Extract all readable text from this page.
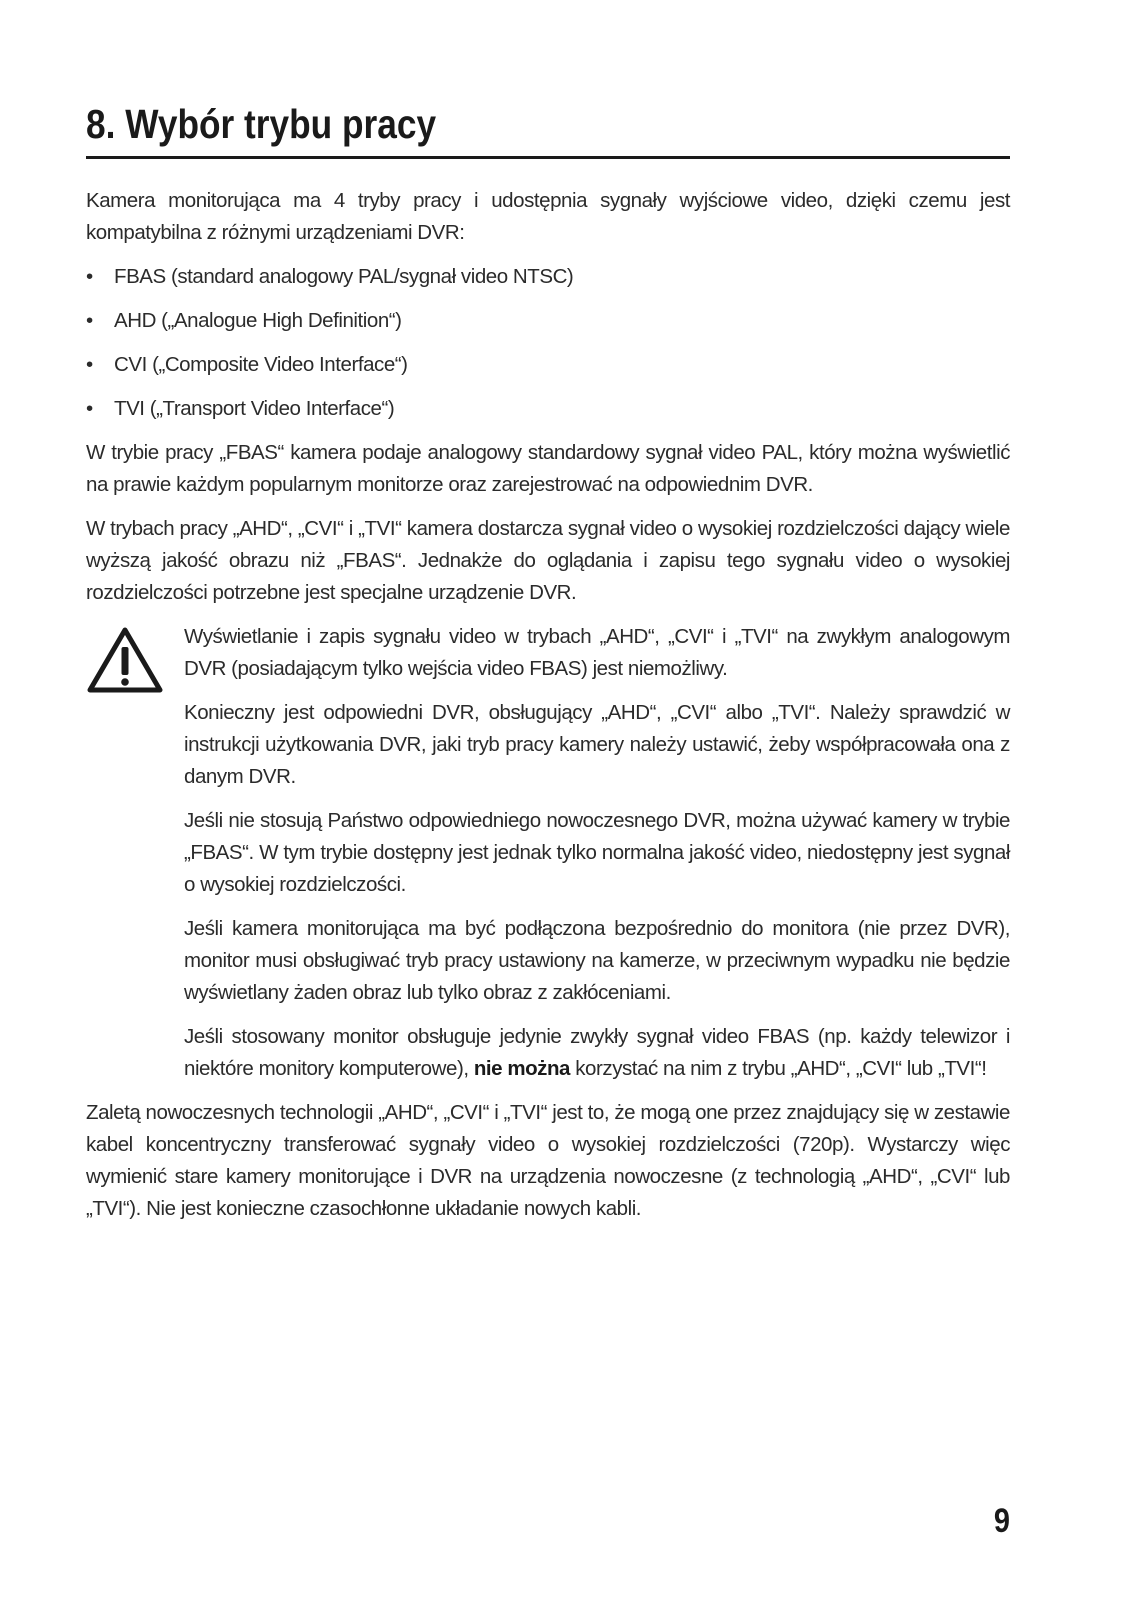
8. Wybór trybu pracy

Kamera monitorująca ma 4 tryby pracy i udostępnia sygnały wyjściowe video, dzięki czemu jest kompatybilna z różnymi urządzeniami DVR:

• FBAS (standard analogowy PAL/sygnał video NTSC)
• AHD („Analogue High Definition“)
• CVI („Composite Video Interface“)
• TVI („Transport Video Interface“)

W trybie pracy „FBAS“ kamera podaje analogowy standardowy sygnał video PAL, który można wyświetlić na prawie każdym popularnym monitorze oraz zarejestrować na odpowiednim DVR.

W trybach pracy „AHD“, „CVI“ i „TVI“ kamera dostarcza sygnał video o wysokiej rozdzielczości dający wiele wyższą jakość obrazu niż „FBAS“. Jednakże do oglądania i zapisu tego sygnału video o wysokiej rozdzielczości potrzebne jest specjalne urządzenie DVR.

Wyświetlanie i zapis sygnału video w trybach „AHD“, „CVI“ i „TVI“ na zwykłym analogowym DVR (posiadającym tylko wejścia video FBAS) jest niemożliwy.

Konieczny jest odpowiedni DVR, obsługujący „AHD“, „CVI“ albo „TVI“. Należy sprawdzić w instrukcji użytkowania DVR, jaki tryb pracy kamery należy ustawić, żeby współpracowała ona z danym DVR.

Jeśli nie stosują Państwo odpowiedniego nowoczesnego DVR, można używać kamery w trybie „FBAS“. W tym trybie dostępny jest jednak tylko normalna jakość video, niedostępny jest sygnał o wysokiej rozdzielczości.

Jeśli kamera monitorująca ma być podłączona bezpośrednio do monitora (nie przez DVR), monitor musi obsługiwać tryb pracy ustawiony na kamerze, w przeciwnym wypadku nie będzie wyświetlany żaden obraz lub tylko obraz z zakłóceniami.

Jeśli stosowany monitor obsługuje jedynie zwykły sygnał video FBAS (np. każdy telewizor i niektóre monitory komputerowe), nie można korzystać na nim z trybu „AHD“, „CVI“ lub „TVI“!

Zaletą nowoczesnych technologii „AHD“, „CVI“ i „TVI“ jest to, że mogą one przez znajdujący się w zestawie kabel koncentryczny transferować sygnały video o wysokiej rozdzielczości (720p). Wystarczy więc wymienić stare kamery monitorujące i DVR na urządzenia nowoczesne (z technologią „AHD“, „CVI“ lub „TVI“). Nie jest konieczne czasochłonne układanie nowych kabli.

9
